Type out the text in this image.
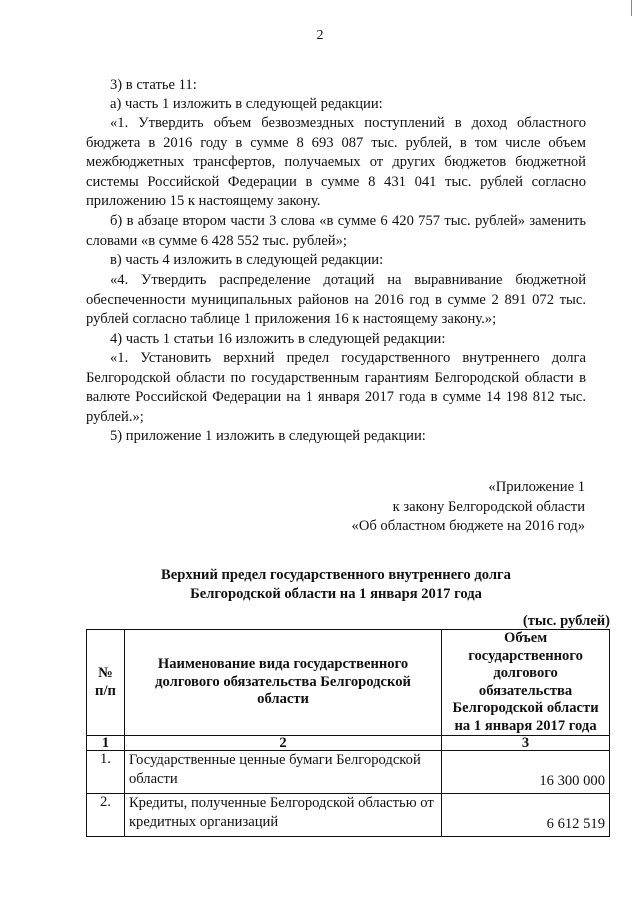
2

3) в статье 11:

а) часть 1 изложить в следующей редакции:

«1. Утвердить объем безвозмездных поступлений в доход областного бюджета в 2016 году в сумме 8 693 087 тыс. рублей, в том числе объем межбюджетных трансфертов, получаемых от других бюджетов бюджетной системы Российской Федерации в сумме 8 431 041 тыс. рублей согласно приложению 15 к настоящему закону.

б) в абзаце втором части 3 слова «в сумме 6 420 757 тыс. рублей» заменить словами «в сумме 6 428 552 тыс. рублей»;

в) часть 4 изложить в следующей редакции:

«4. Утвердить распределение дотаций на выравнивание бюджетной обеспеченности муниципальных районов на 2016 год в сумме 2 891 072 тыс. рублей согласно таблице 1 приложения 16 к настоящему закону.»;

4) часть 1 статьи 16 изложить в следующей редакции:

«1. Установить верхний предел государственного внутреннего долга Белгородской области по государственным гарантиям Белгородской области в валюте Российской Федерации на 1 января 2017 года в сумме 14 198 812 тыс. рублей.»;

5) приложение 1 изложить в следующей редакции:

«Приложение 1
к закону Белгородской области
«Об областном бюджете на 2016 год»
Верхний предел государственного внутреннего долга
Белгородской области на 1 января 2017 года
(тыс. рублей)
№ п/п	Наименование вида государственного долгового обязательства Белгородской области	Объем государственного долгового обязательства Белгородской области на 1 января 2017 года
1	2	3
1.	Государственные ценные бумаги Белгородской области	16 300 000
2.	Кредиты, полученные Белгородской областью от кредитных организаций	6 612 519
